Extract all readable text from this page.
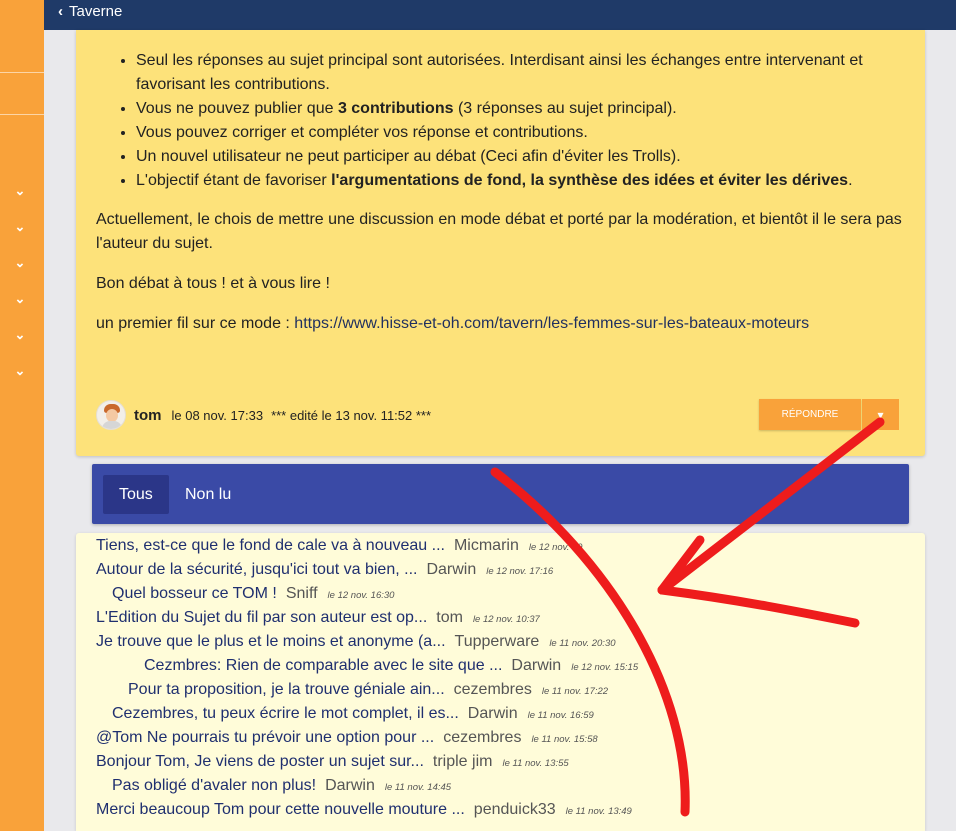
⌄
⌄
⌄
⌄
⌄
⌄
‹ Taverne
• Seul les réponses au sujet principal sont autorisées. Interdisant ainsi les échanges entre intervenant et favorisant les contributions.
• Vous ne pouvez publier que 3 contributions (3 réponses au sujet principal).
• Vous pouvez corriger et compléter vos réponse et contributions.
• Un nouvel utilisateur ne peut participer au débat (Ceci afin d'éviter les Trolls).
• L'objectif étant de favoriser l'argumentations de fond, la synthèse des idées et éviter les dérives.

Actuellement, le chois de mettre une discussion en mode débat et porté par la modération, et bientôt il le sera pas l'auteur du sujet.

Bon débat à tous ! et à vous lire !

un premier fil sur ce mode : https://www.hisse-et-oh.com/tavern/les-femmes-sur-les-bateaux-moteurs

tom le 08 nov. 17:33 *** edité le 13 nov. 11:52 ***	RÉPONDRE	▾
Tous	Non lu
Tiens, est-ce que le fond de cale va à nouveau ... Micmarin le 12 nov. 19
Autour de la sécurité, jusqu'ici tout va bien, ... Darwin le 12 nov. 17:16
Quel bosseur ce TOM ! Sniff le 12 nov. 16:30
L'Edition du Sujet du fil par son auteur est op... tom le 12 nov. 10:37
Je trouve que le plus et le moins et anonyme (a... Tupperware le 11 nov. 20:30
Cezmbres: Rien de comparable avec le site que ... Darwin le 12 nov. 15:15
Pour ta proposition, je la trouve géniale ain... cezembres le 11 nov. 17:22
Cezembres, tu peux écrire le mot complet, il es... Darwin le 11 nov. 16:59
@Tom Ne pourrais tu prévoir une option pour ... cezembres le 11 nov. 15:58
Bonjour Tom, Je viens de poster un sujet sur... triple jim le 11 nov. 13:55
Pas obligé d'avaler non plus! Darwin le 11 nov. 14:45
Merci beaucoup Tom pour cette nouvelle mouture ... penduick33 le 11 nov. 13:49
